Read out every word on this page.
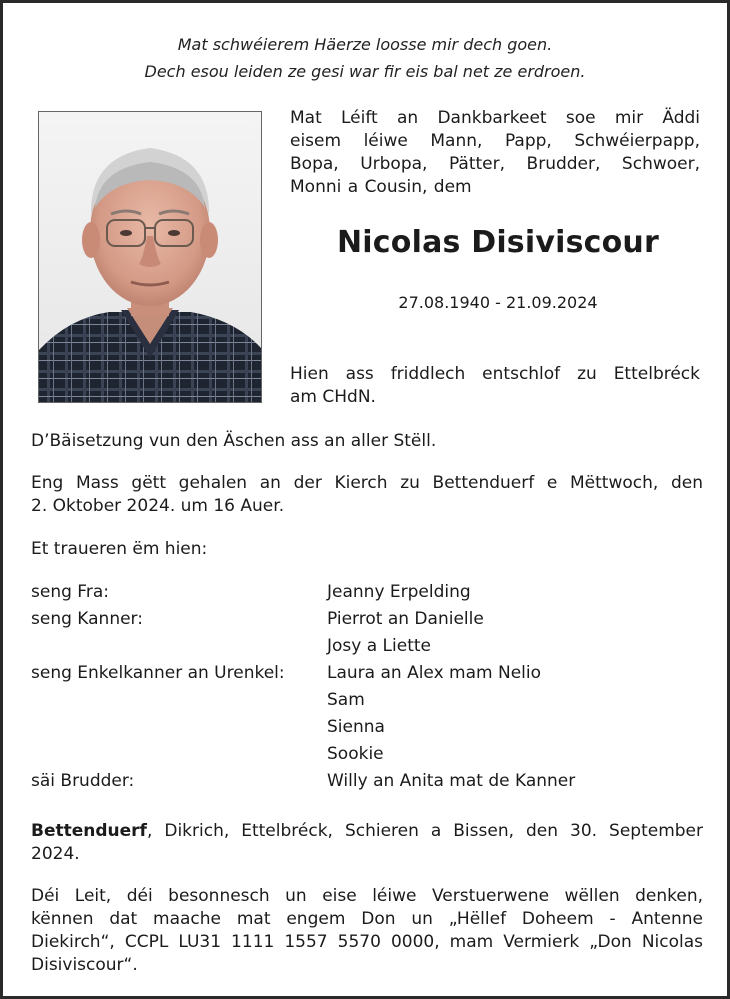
Mat schwéierem Häerze loosse mir dech goen.
Dech esou leiden ze gesi war fir eis bal net ze erdroen.
Mat Léift an Dankbarkeet soe mir Äddi
eisem léiwe Mann, Papp, Schwéierpapp,
Bopa, Urbopa, Pätter, Brudder, Schwoer,
Monni a Cousin, dem
Nicolas Disiviscour
27.08.1940 - 21.09.2024
Hien ass friddlech entschlof zu Ettelbréck
am CHdN.
D’Bäisetzung vun den Äschen ass an aller Stëll.
Eng Mass gëtt gehalen an der Kierch zu Bettenduerf e Mëttwoch, den
2. Oktober 2024. um 16 Auer.
Et traueren ëm hien:
seng Fra:	Jeanny Erpelding
seng Kanner:	Pierrot an Danielle
Josy a Liette
seng Enkelkanner an Urenkel: Laura an Alex mam Nelio
Sam
Sienna
Sookie
säi Brudder:	Willy an Anita mat de Kanner
Bettenduerf, Dikrich, Ettelbréck, Schieren a Bissen, den 30. September
2024.
Déi Leit, déi besonnesch un eise léiwe Verstuerwene wëllen denken,
kënnen dat maache mat engem Don un „Hëllef Doheem - Antenne
Diekirch“, CCPL LU31 1111 1557 5570 0000, mam Vermierk „Don Nicolas
Disiviscour“.
